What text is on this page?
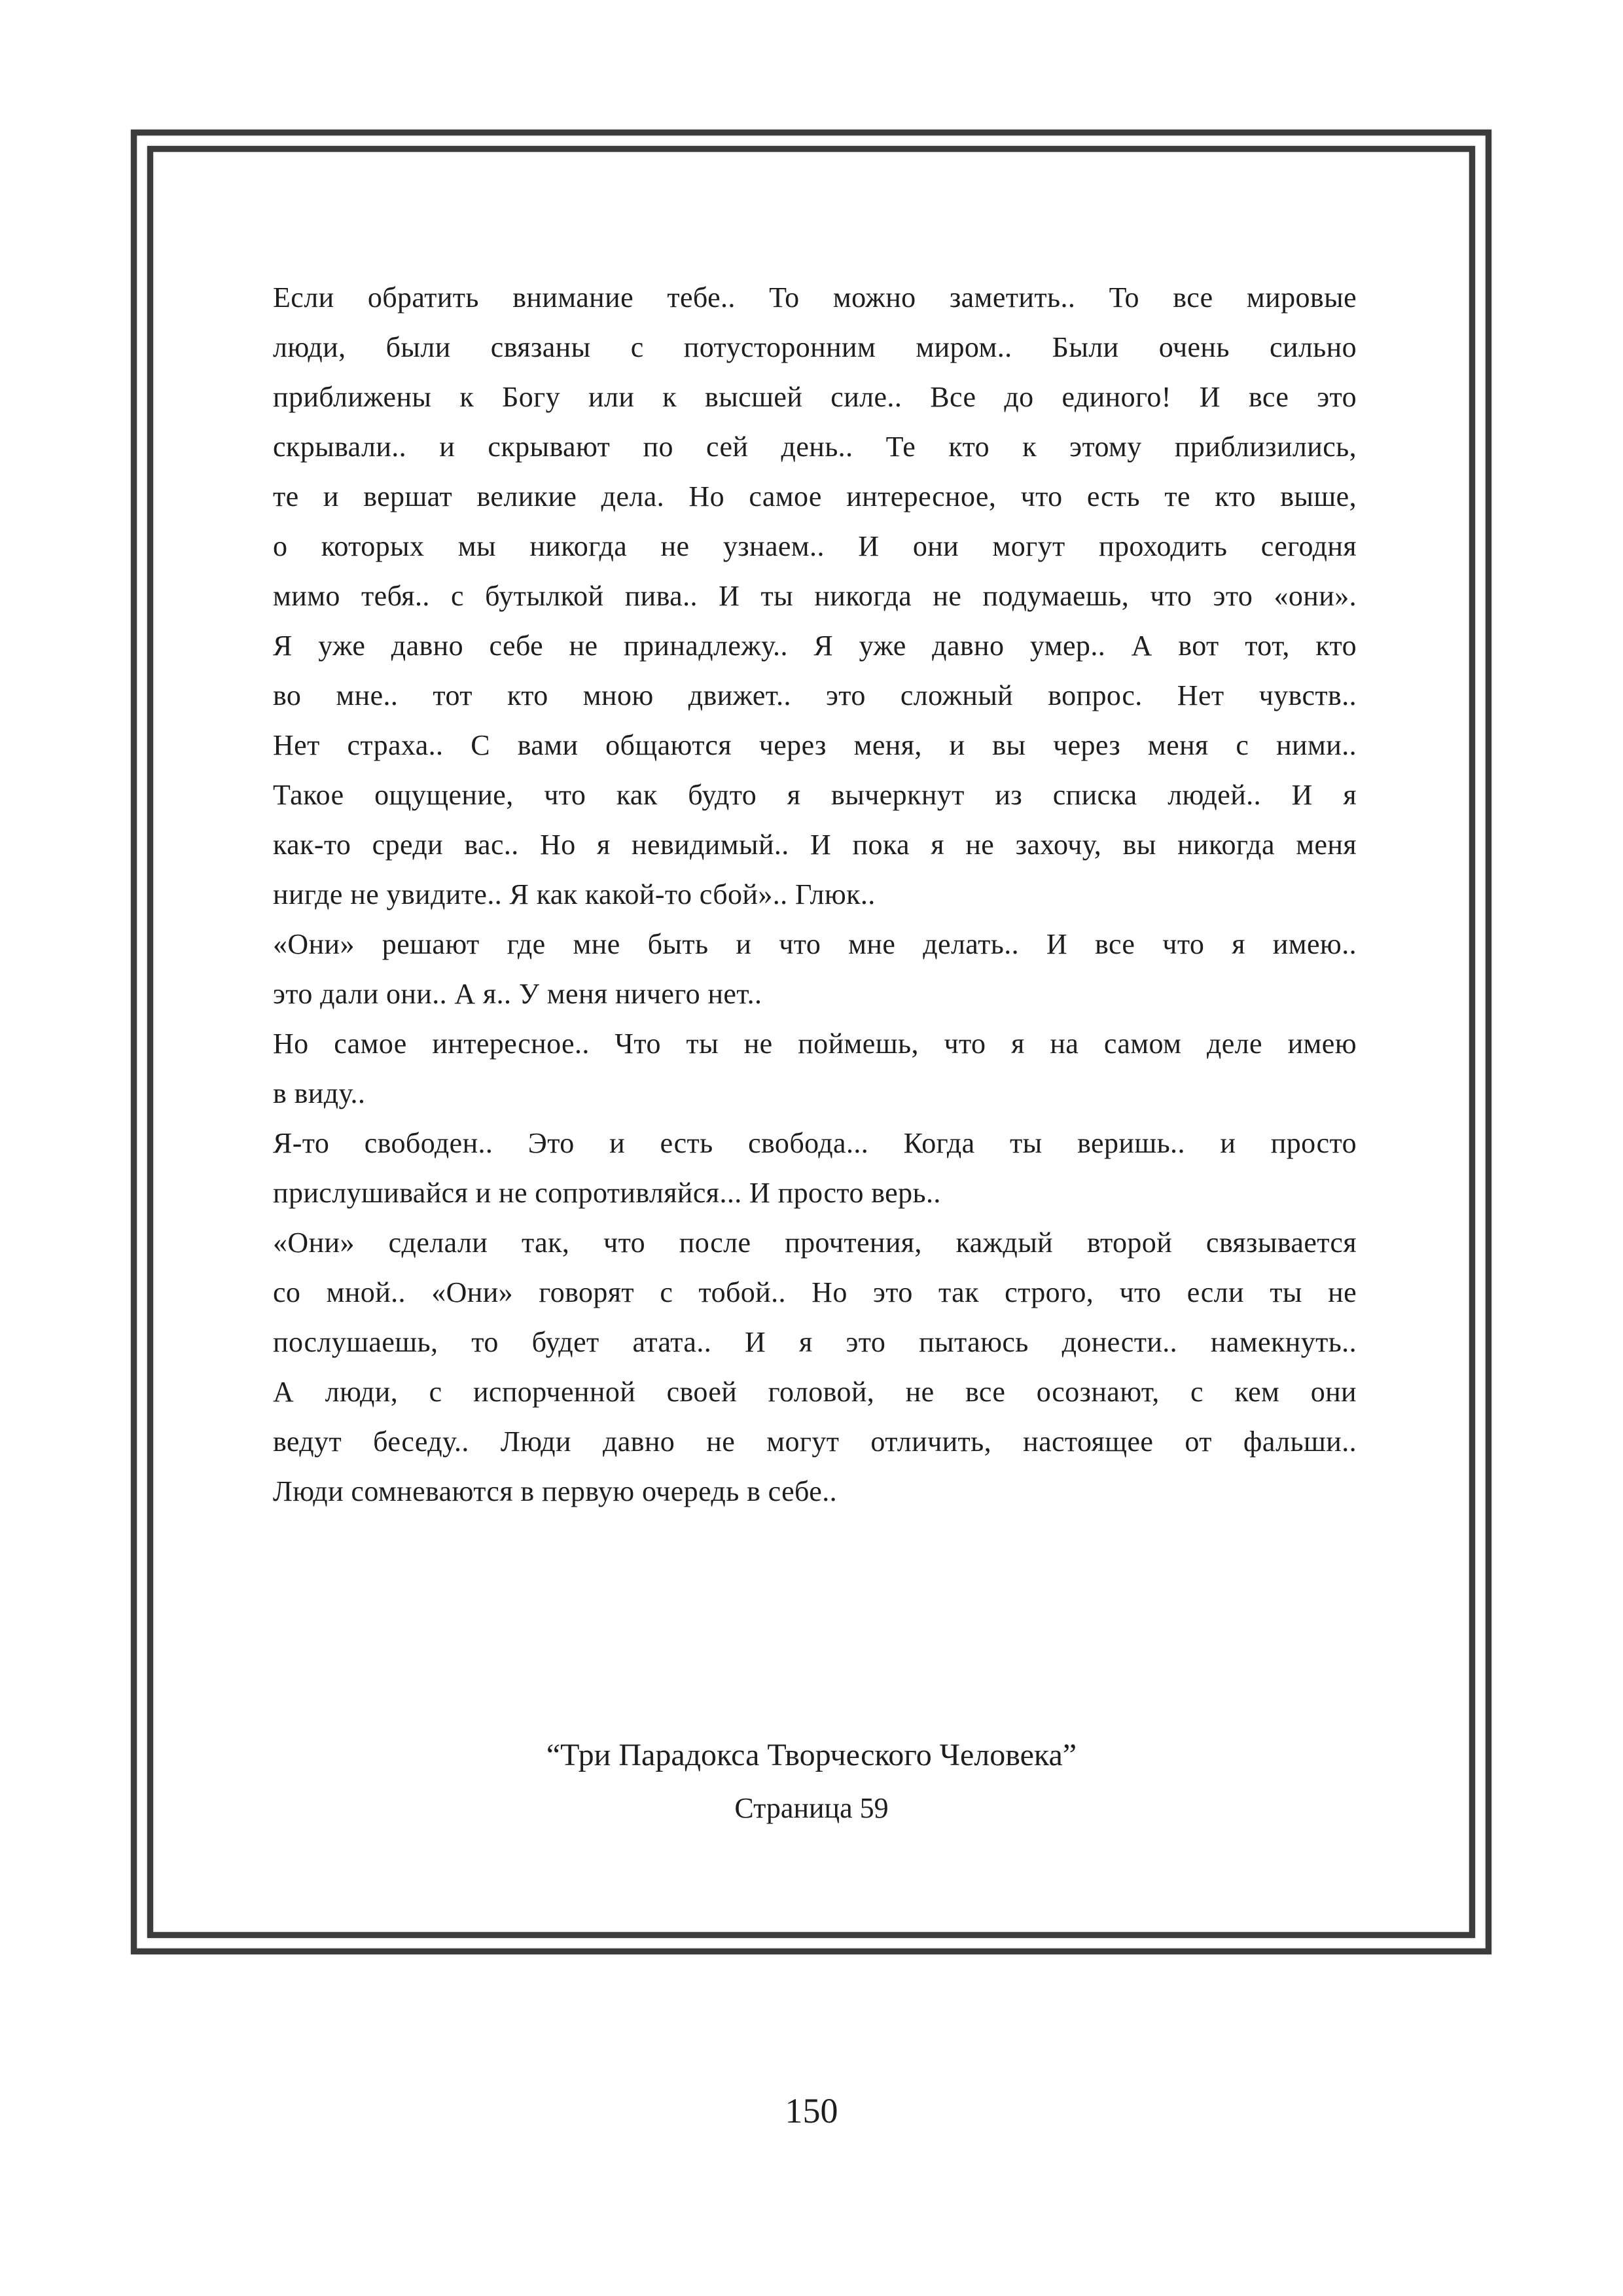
Если обратить внимание тебе.. То можно заметить.. То все мировые
люди, были связаны с потусторонним миром.. Были очень сильно
приближены к Богу или к высшей силе.. Все до единого! И все это
скрывали.. и скрывают по сей день.. Те кто к этому приблизились,
те и вершат великие дела. Но самое интересное, что есть те кто выше,
о которых мы никогда не узнаем.. И они могут проходить сегодня
мимо тебя.. с бутылкой пива.. И ты никогда не подумаешь, что это «они».
Я уже давно себе не принадлежу.. Я уже давно умер.. А вот тот, кто
во мне.. тот кто мною движет.. это сложный вопрос. Нет чувств..
Нет страха.. С вами общаются через меня, и вы через меня с ними..
Такое ощущение, что как будто я вычеркнут из списка людей.. И я
как-то среди вас.. Но я невидимый.. И пока я не захочу, вы никогда меня
нигде не увидите.. Я как какой-то сбой».. Глюк..
«Они» решают где мне быть и что мне делать.. И все что я имею..
это дали они.. А я.. У меня ничего нет..
Но самое интересное.. Что ты не поймешь, что я на самом деле имею
в виду..
Я-то свободен.. Это и есть свобода... Когда ты веришь.. и просто
прислушивайся и не сопротивляйся... И просто верь..
«Они» сделали так, что после прочтения, каждый второй связывается
со мной.. «Они» говорят с тобой.. Но это так строго, что если ты не
послушаешь, то будет атата.. И я это пытаюсь донести.. намекнуть..
А люди, с испорченной своей головой, не все осознают, с кем они
ведут беседу.. Люди давно не могут отличить, настоящее от фальши..
Люди сомневаются в первую очередь в себе..
“Три Парадокса Творческого Человека”
Страница 59
150
